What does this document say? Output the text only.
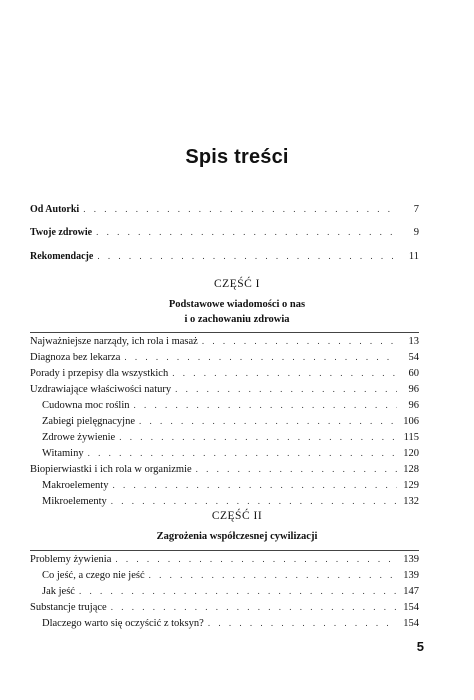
Spis treści
Od Autorki . . .	7
Twoje zdrowie . . .	9
Rekomendacje . . .	11
CZĘŚĆ I
Podstawowe wiadomości o nas
i o zachowaniu zdrowia
Najważniejsze narządy, ich rola i masaż . . .	13
Diagnoza bez lekarza . . .	54
Porady i przepisy dla wszystkich . . .	60
Uzdrawiające właściwości natury . . .	96
Cudowna moc roślin . . .	96
Zabiegi pielęgnacyjne . . .	106
Zdrowe żywienie . . .	115
Witaminy . . .	120
Biopierwiastki i ich rola w organizmie . . .	128
Makroelementy . . .	129
Mikroelementy . . .	132
CZĘŚĆ II
Zagrożenia współczesnej cywilizacji
Problemy żywienia . . .	139
Co jeść, a czego nie jeść . . .	139
Jak jeść . . .	147
Substancje trujące . . .	154
Dlaczego warto się oczyścić z toksyn? . . .	154
5
